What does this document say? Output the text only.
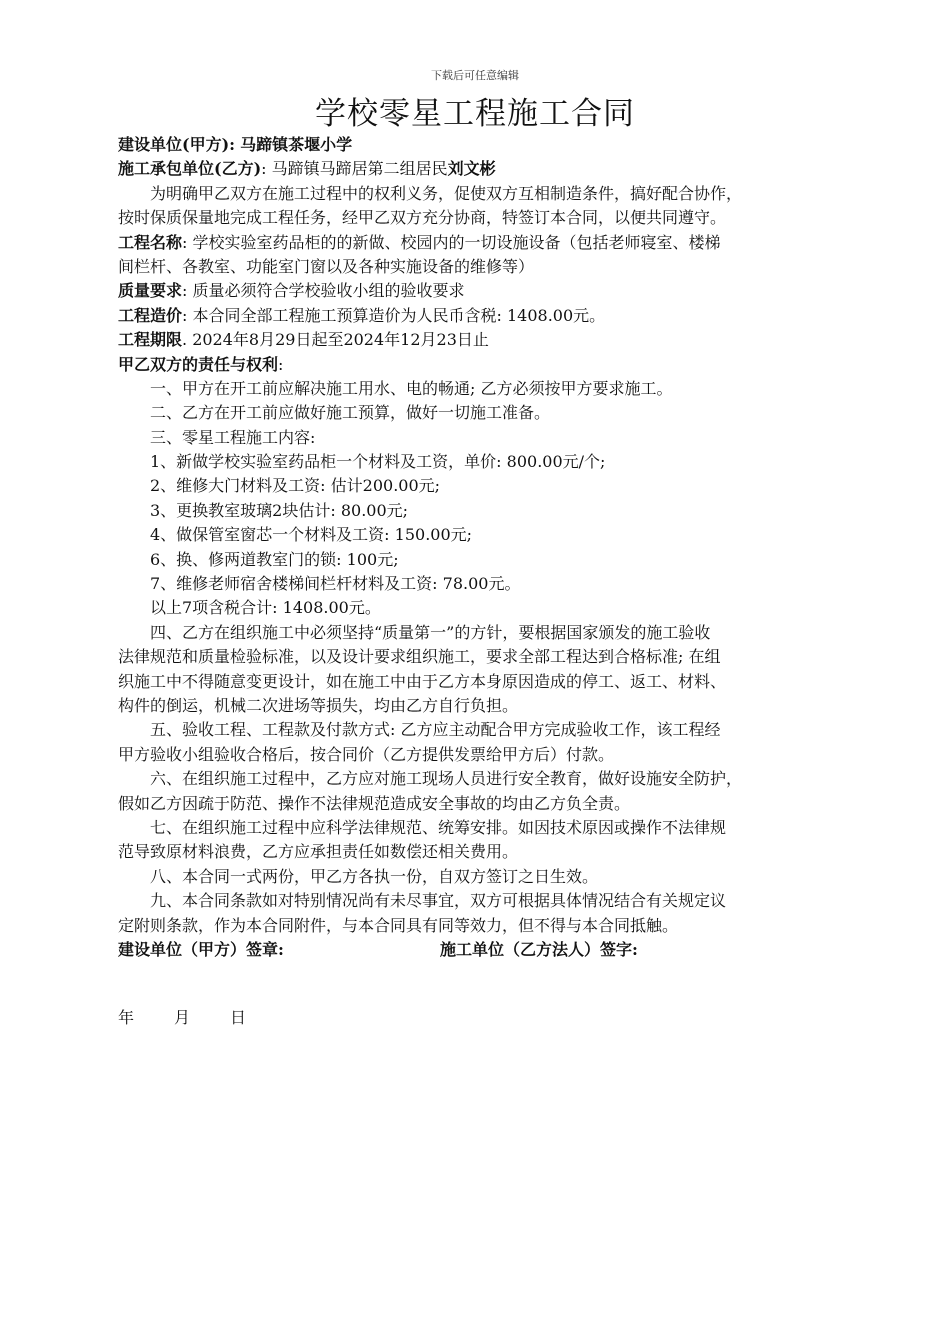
下载后可任意编辑
学校零星工程施工合同
建设单位(甲方): 马蹄镇茶堰小学
施工承包单位(乙方): 马蹄镇马蹄居第二组居民刘文彬
为明确甲乙双方在施工过程中的权利义务，促使双方互相制造条件，搞好配合协作，
按时保质保量地完成工程任务，经甲乙双方充分协商，特签订本合同，以便共同遵守。
工程名称: 学校实验室药品柜的的新做、校园内的一切设施设备（包括老师寝室、楼梯
间栏杆、各教室、功能室门窗以及各种实施设备的维修等）
质量要求: 质量必须符合学校验收小组的验收要求
工程造价: 本合同全部工程施工预算造价为人民币含税: 1408.00元。
工程期限. 2024年8月29日起至2024年12月23日止
甲乙双方的责任与权利:
一、甲方在开工前应解决施工用水、电的畅通; 乙方必须按甲方要求施工。
二、乙方在开工前应做好施工预算，做好一切施工准备。
三、零星工程施工内容:
1、新做学校实验室药品柜一个材料及工资，单价: 800.00元/个;
2、维修大门材料及工资: 估计200.00元;
3、更换教室玻璃2块估计: 80.00元;
4、做保管室窗芯一个材料及工资: 150.00元;
6、换、修两道教室门的锁: 100元;
7、维修老师宿舍楼梯间栏杆材料及工资: 78.00元。
以上7项含税合计: 1408.00元。
四、乙方在组织施工中必须坚持“质量第一”的方针，要根据国家颁发的施工验收
法律规范和质量检验标准，以及设计要求组织施工，要求全部工程达到合格标准; 在组
织施工中不得随意变更设计，如在施工中由于乙方本身原因造成的停工、返工、材料、
构件的倒运，机械二次进场等损失，均由乙方自行负担。
五、验收工程、工程款及付款方式: 乙方应主动配合甲方完成验收工作，该工程经
甲方验收小组验收合格后，按合同价（乙方提供发票给甲方后）付款。
六、在组织施工过程中，乙方应对施工现场人员进行安全教育，做好设施安全防护，
假如乙方因疏于防范、操作不法律规范造成安全事故的均由乙方负全责。
七、在组织施工过程中应科学法律规范、统筹安排。如因技术原因或操作不法律规
范导致原材料浪费，乙方应承担责任如数偿还相关费用。
八、本合同一式两份，甲乙方各执一份，自双方签订之日生效。
九、本合同条款如对特别情况尚有未尽事宜，双方可根据具体情况结合有关规定议
定附则条款，作为本合同附件，与本合同具有同等效力，但不得与本合同抵触。
建设单位（甲方）签章:	施工单位（乙方法人）签字:
年	月	日
